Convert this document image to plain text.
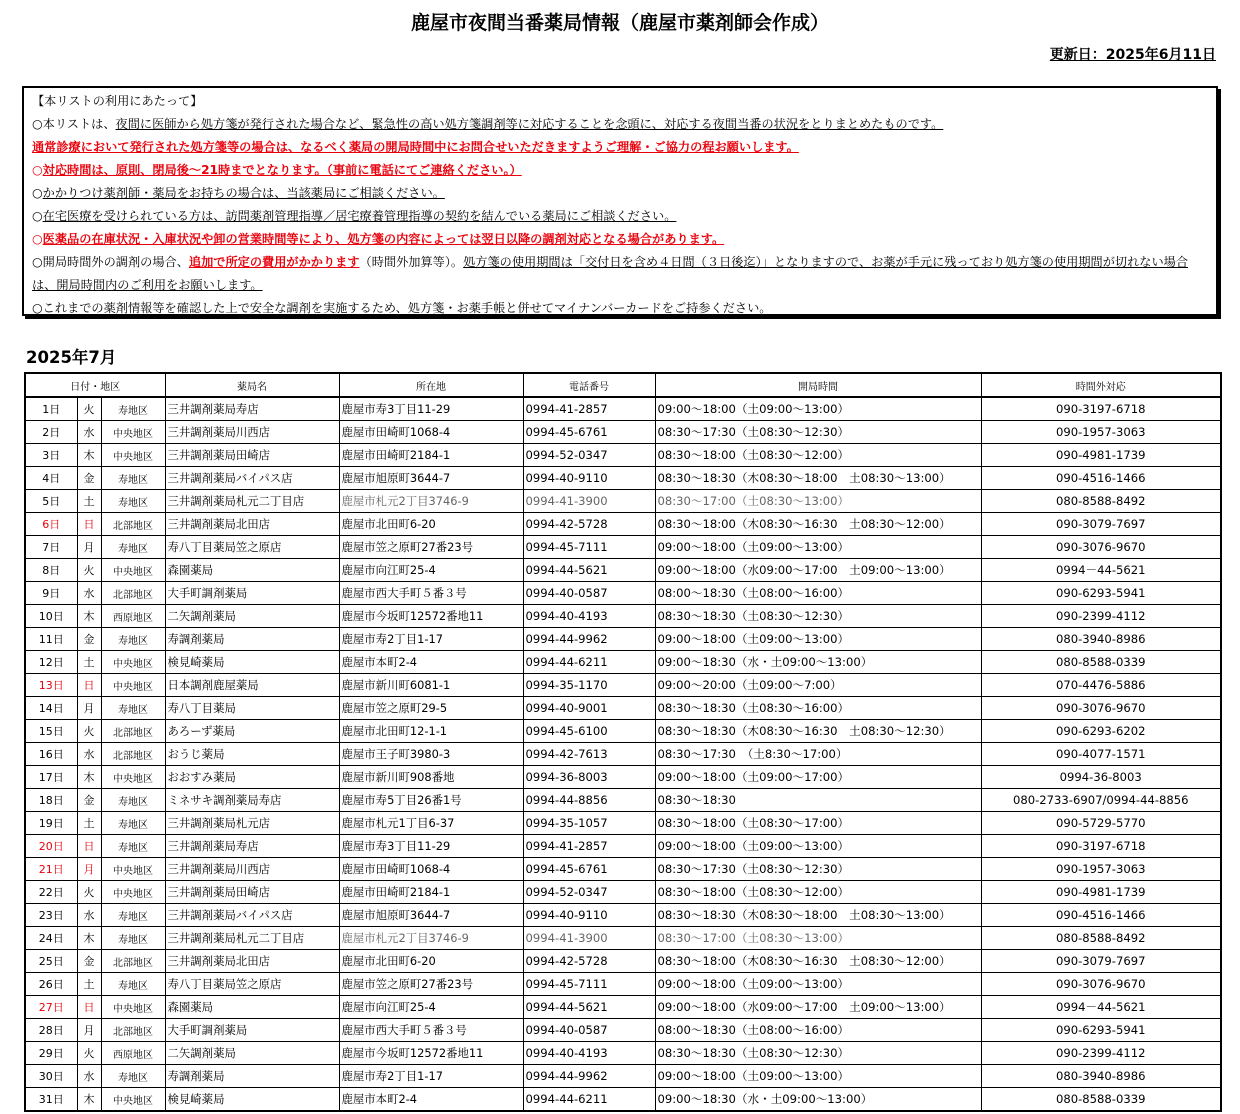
鹿屋市夜間当番薬局情報（鹿屋市薬剤師会作成）
更新日：2025年6月11日
【本リストの利用にあたって】
○本リストは、夜間に医師から処方箋が発行された場合など、緊急性の高い処方箋調剤等に対応することを念頭に、対応する夜間当番の状況をとりまとめたものです。
通常診療において発行された処方箋等の場合は、なるべく薬局の開局時間中にお問合せいただきますようご理解・ご協力の程お願いします。
○対応時間は、原則、閉局後～21時までとなります。（事前に電話にてご連絡ください。）
○かかりつけ薬剤師・薬局をお持ちの場合は、当該薬局にご相談ください。
○在宅医療を受けられている方は、訪問薬剤管理指導／居宅療養管理指導の契約を結んでいる薬局にご相談ください。
○医薬品の在庫状況・入庫状況や卸の営業時間等により、処方箋の内容によっては翌日以降の調剤対応となる場合があります。
○開局時間外の調剤の場合、追加で所定の費用がかかります（時間外加算等）。処方箋の使用期間は「交付日を含め４日間（３日後迄）」となりますので、お薬が手元に残っており処方箋の使用期間が切れない場合は、開局時間内のご利用をお願いします。
○これまでの薬剤情報等を確認した上で安全な調剤を実施するため、処方箋・お薬手帳と併せてマイナンバーカードをご持参ください。
2025年7月
日付・地区			薬局名	所在地	電話番号	開局時間	時間外対応
1日	火	寿地区	三井調剤薬局寿店	鹿屋市寿3丁目11-29	0994-41-2857	09:00～18:00（土09:00～13:00）	090-3197-6718
2日	水	中央地区	三井調剤薬局川西店	鹿屋市田崎町1068-4	0994-45-6761	08:30～17:30（土08:30～12:30）	090-1957-3063
3日	木	中央地区	三井調剤薬局田崎店	鹿屋市田崎町2184-1	0994-52-0347	08:30～18:00（土08:30～12:00）	090-4981-1739
4日	金	寿地区	三井調剤薬局バイパス店	鹿屋市旭原町3644-7	0994-40-9110	08:30～18:30（木08:30～18:00　土08:30～13:00）	090-4516-1466
5日	土	寿地区	三井調剤薬局札元二丁目店	鹿屋市札元2丁目3746-9	0994-41-3900	08:30～17:00（土08:30～13:00）	080-8588-8492
6日	日	北部地区	三井調剤薬局北田店	鹿屋市北田町6-20	0994-42-5728	08:30～18:00（木08:30～16:30　土08:30～12:00）	090-3079-7697
7日	月	寿地区	寿八丁目薬局笠之原店	鹿屋市笠之原町27番23号	0994-45-7111	09:00～18:00（土09:00～13:00）	090-3076-9670
8日	火	中央地区	森園薬局	鹿屋市向江町25-4	0994-44-5621	09:00～18:00（水09:00～17:00　土09:00～13:00）	0994－44-5621
9日	水	北部地区	大手町調剤薬局	鹿屋市西大手町５番３号	0994-40-0587	08:00～18:30（土08:00～16:00）	090-6293-5941
10日	木	西原地区	二矢調剤薬局	鹿屋市今坂町12572番地11	0994-40-4193	08:30～18:30（土08:30～12:30）	090-2399-4112
11日	金	寿地区	寿調剤薬局	鹿屋市寿2丁目1-17	0994-44-9962	09:00～18:00（土09:00～13:00）	080-3940-8986
12日	土	中央地区	検見崎薬局	鹿屋市本町2-4	0994-44-6211	09:00～18:30（水・土09:00～13:00）	080-8588-0339
13日	日	中央地区	日本調剤鹿屋薬局	鹿屋市新川町6081-1	0994-35-1170	09:00～20:00（土09:00～7:00）	070-4476-5886
14日	月	寿地区	寿八丁目薬局	鹿屋市笠之原町29-5	0994-40-9001	08:30～18:30（土08:30～16:00）	090-3076-9670
15日	火	北部地区	あろーず薬局	鹿屋市北田町12-1-1	0994-45-6100	08:30～18:30（木08:30～16:30　土08:30～12:30）	090-6293-6202
16日	水	北部地区	おうじ薬局	鹿屋市王子町3980-3	0994-42-7613	08:30～17:30　（土8:30～17:00）	090-4077-1571
17日	木	中央地区	おおすみ薬局	鹿屋市新川町908番地	0994-36-8003	09:00～18:00（土09:00～17:00）	0994-36-8003
18日	金	寿地区	ミネサキ調剤薬局寿店	鹿屋市寿5丁目26番1号	0994-44-8856	08:30～18:30	080-2733-6907/0994-44-8856
19日	土	寿地区	三井調剤薬局札元店	鹿屋市札元1丁目6-37	0994-35-1057	08:30～18:00（土08:30～17:00）	090-5729-5770
20日	日	寿地区	三井調剤薬局寿店	鹿屋市寿3丁目11-29	0994-41-2857	09:00～18:00（土09:00～13:00）	090-3197-6718
21日	月	中央地区	三井調剤薬局川西店	鹿屋市田崎町1068-4	0994-45-6761	08:30～17:30（土08:30～12:30）	090-1957-3063
22日	火	中央地区	三井調剤薬局田崎店	鹿屋市田崎町2184-1	0994-52-0347	08:30～18:00（土08:30～12:00）	090-4981-1739
23日	水	寿地区	三井調剤薬局バイパス店	鹿屋市旭原町3644-7	0994-40-9110	08:30～18:30（木08:30～18:00　土08:30～13:00）	090-4516-1466
24日	木	寿地区	三井調剤薬局札元二丁目店	鹿屋市札元2丁目3746-9	0994-41-3900	08:30～17:00（土08:30～13:00）	080-8588-8492
25日	金	北部地区	三井調剤薬局北田店	鹿屋市北田町6-20	0994-42-5728	08:30～18:00（木08:30～16:30　土08:30～12:00）	090-3079-7697
26日	土	寿地区	寿八丁目薬局笠之原店	鹿屋市笠之原町27番23号	0994-45-7111	09:00～18:00（土09:00～13:00）	090-3076-9670
27日	日	中央地区	森園薬局	鹿屋市向江町25-4	0994-44-5621	09:00～18:00（水09:00～17:00　土09:00～13:00）	0994－44-5621
28日	月	北部地区	大手町調剤薬局	鹿屋市西大手町５番３号	0994-40-0587	08:00～18:30（土08:00～16:00）	090-6293-5941
29日	火	西原地区	二矢調剤薬局	鹿屋市今坂町12572番地11	0994-40-4193	08:30～18:30（土08:30～12:30）	090-2399-4112
30日	水	寿地区	寿調剤薬局	鹿屋市寿2丁目1-17	0994-44-9962	09:00～18:00（土09:00～13:00）	080-3940-8986
31日	木	中央地区	検見崎薬局	鹿屋市本町2-4	0994-44-6211	09:00～18:30（水・土09:00～13:00）	080-8588-0339
